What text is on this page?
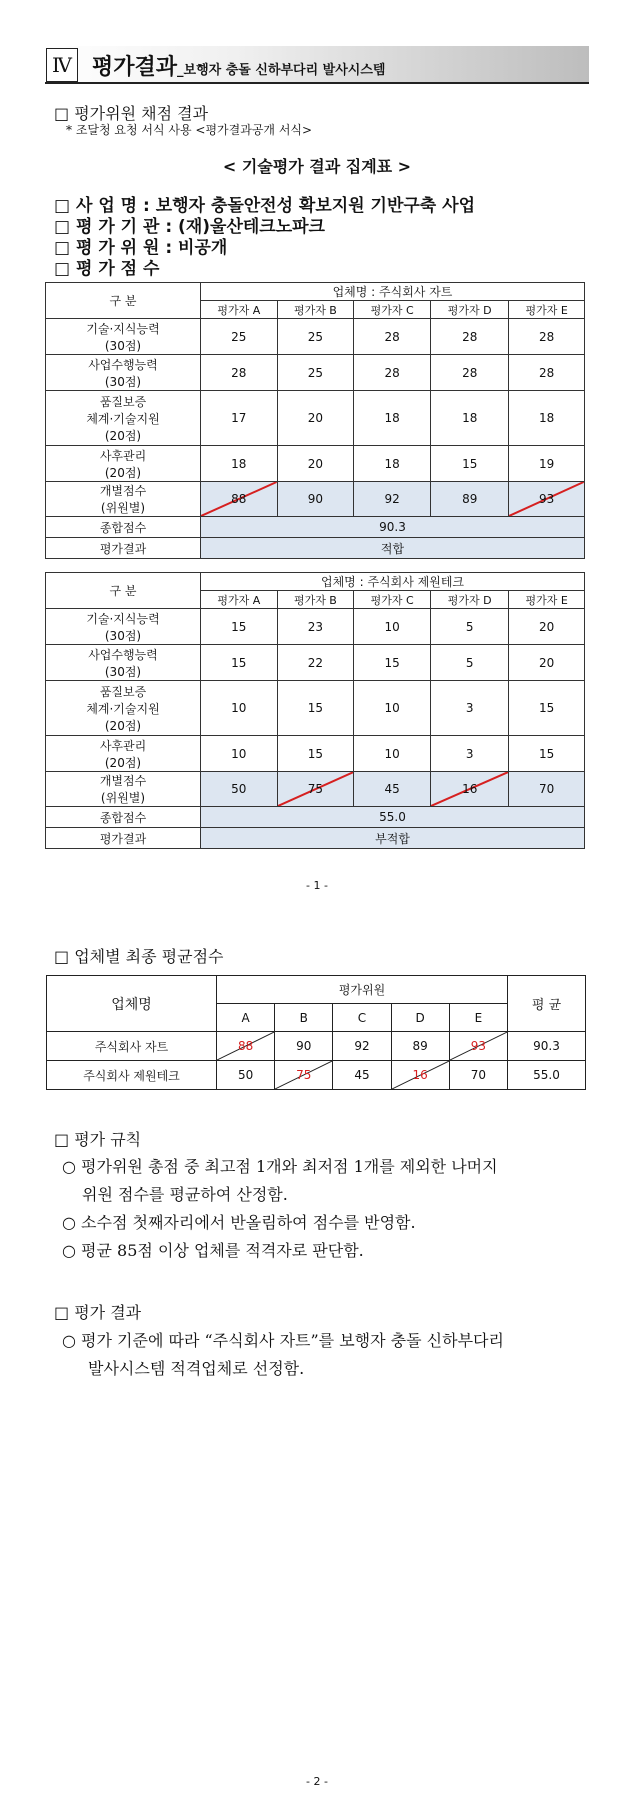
Ⅳ 평가결과_보행자 충돌 신하부다리 발사시스템
□ 평가위원 채점 결과
* 조달청 요청 서식 사용 <평가결과공개 서식>
< 기술평가 결과 집계표 >
□ 사 업 명 : 보행자 충돌안전성 확보지원 기반구축 사업
□ 평 가 기 관 : (재)울산테크노파크
□ 평 가 위 원 : 비공개
□ 평 가 점 수
구 분	업체명 : 주식회사 자트				
	평가자 A	평가자 B	평가자 C	평가자 D	평가자 E

기술·지식능력
(30점)	25	25	28	28	28

사업수행능력
(30점)	28	25	28	28	28

품질보증
체계·기술지원
(20점)	17	20	18	18	18

사후관리
(20점)	18	20	18	15	19

개별점수
(위원별)	88	90	92	89	93
종합점수	90.3				
평가결과	적합				
구 분	업체명 : 주식회사 제원테크				
	평가자 A	평가자 B	평가자 C	평가자 D	평가자 E

기술·지식능력
(30점)	15	23	10	5	20

사업수행능력
(30점)	15	22	15	5	20

품질보증
체계·기술지원
(20점)	10	15	10	3	15

사후관리
(20점)	10	15	10	3	15

개별점수
(위원별)	50	75	45	16	70
종합점수	55.0				
평가결과	부적합				
- 1 -
□ 업체별 최종 평균점수
업체명	평가위원					평 균
	A	B	C	D	E	
주식회사 자트	88	90	92	89	93	90.3
주식회사 제원테크	50	75	45	16	70	55.0
□ 평가 규칙
○ 평가위원 총점 중 최고점 1개와 최저점 1개를 제외한 나머지
위원 점수를 평균하여 산정함.
○ 소수점 첫째자리에서 반올림하여 점수를 반영함.
○ 평균 85점 이상 업체를 적격자로 판단함.
□ 평가 결과
○ 평가 기준에 따라 “주식회사 자트”를 보행자 충돌 신하부다리
발사시스템 적격업체로 선정함.
- 2 -
